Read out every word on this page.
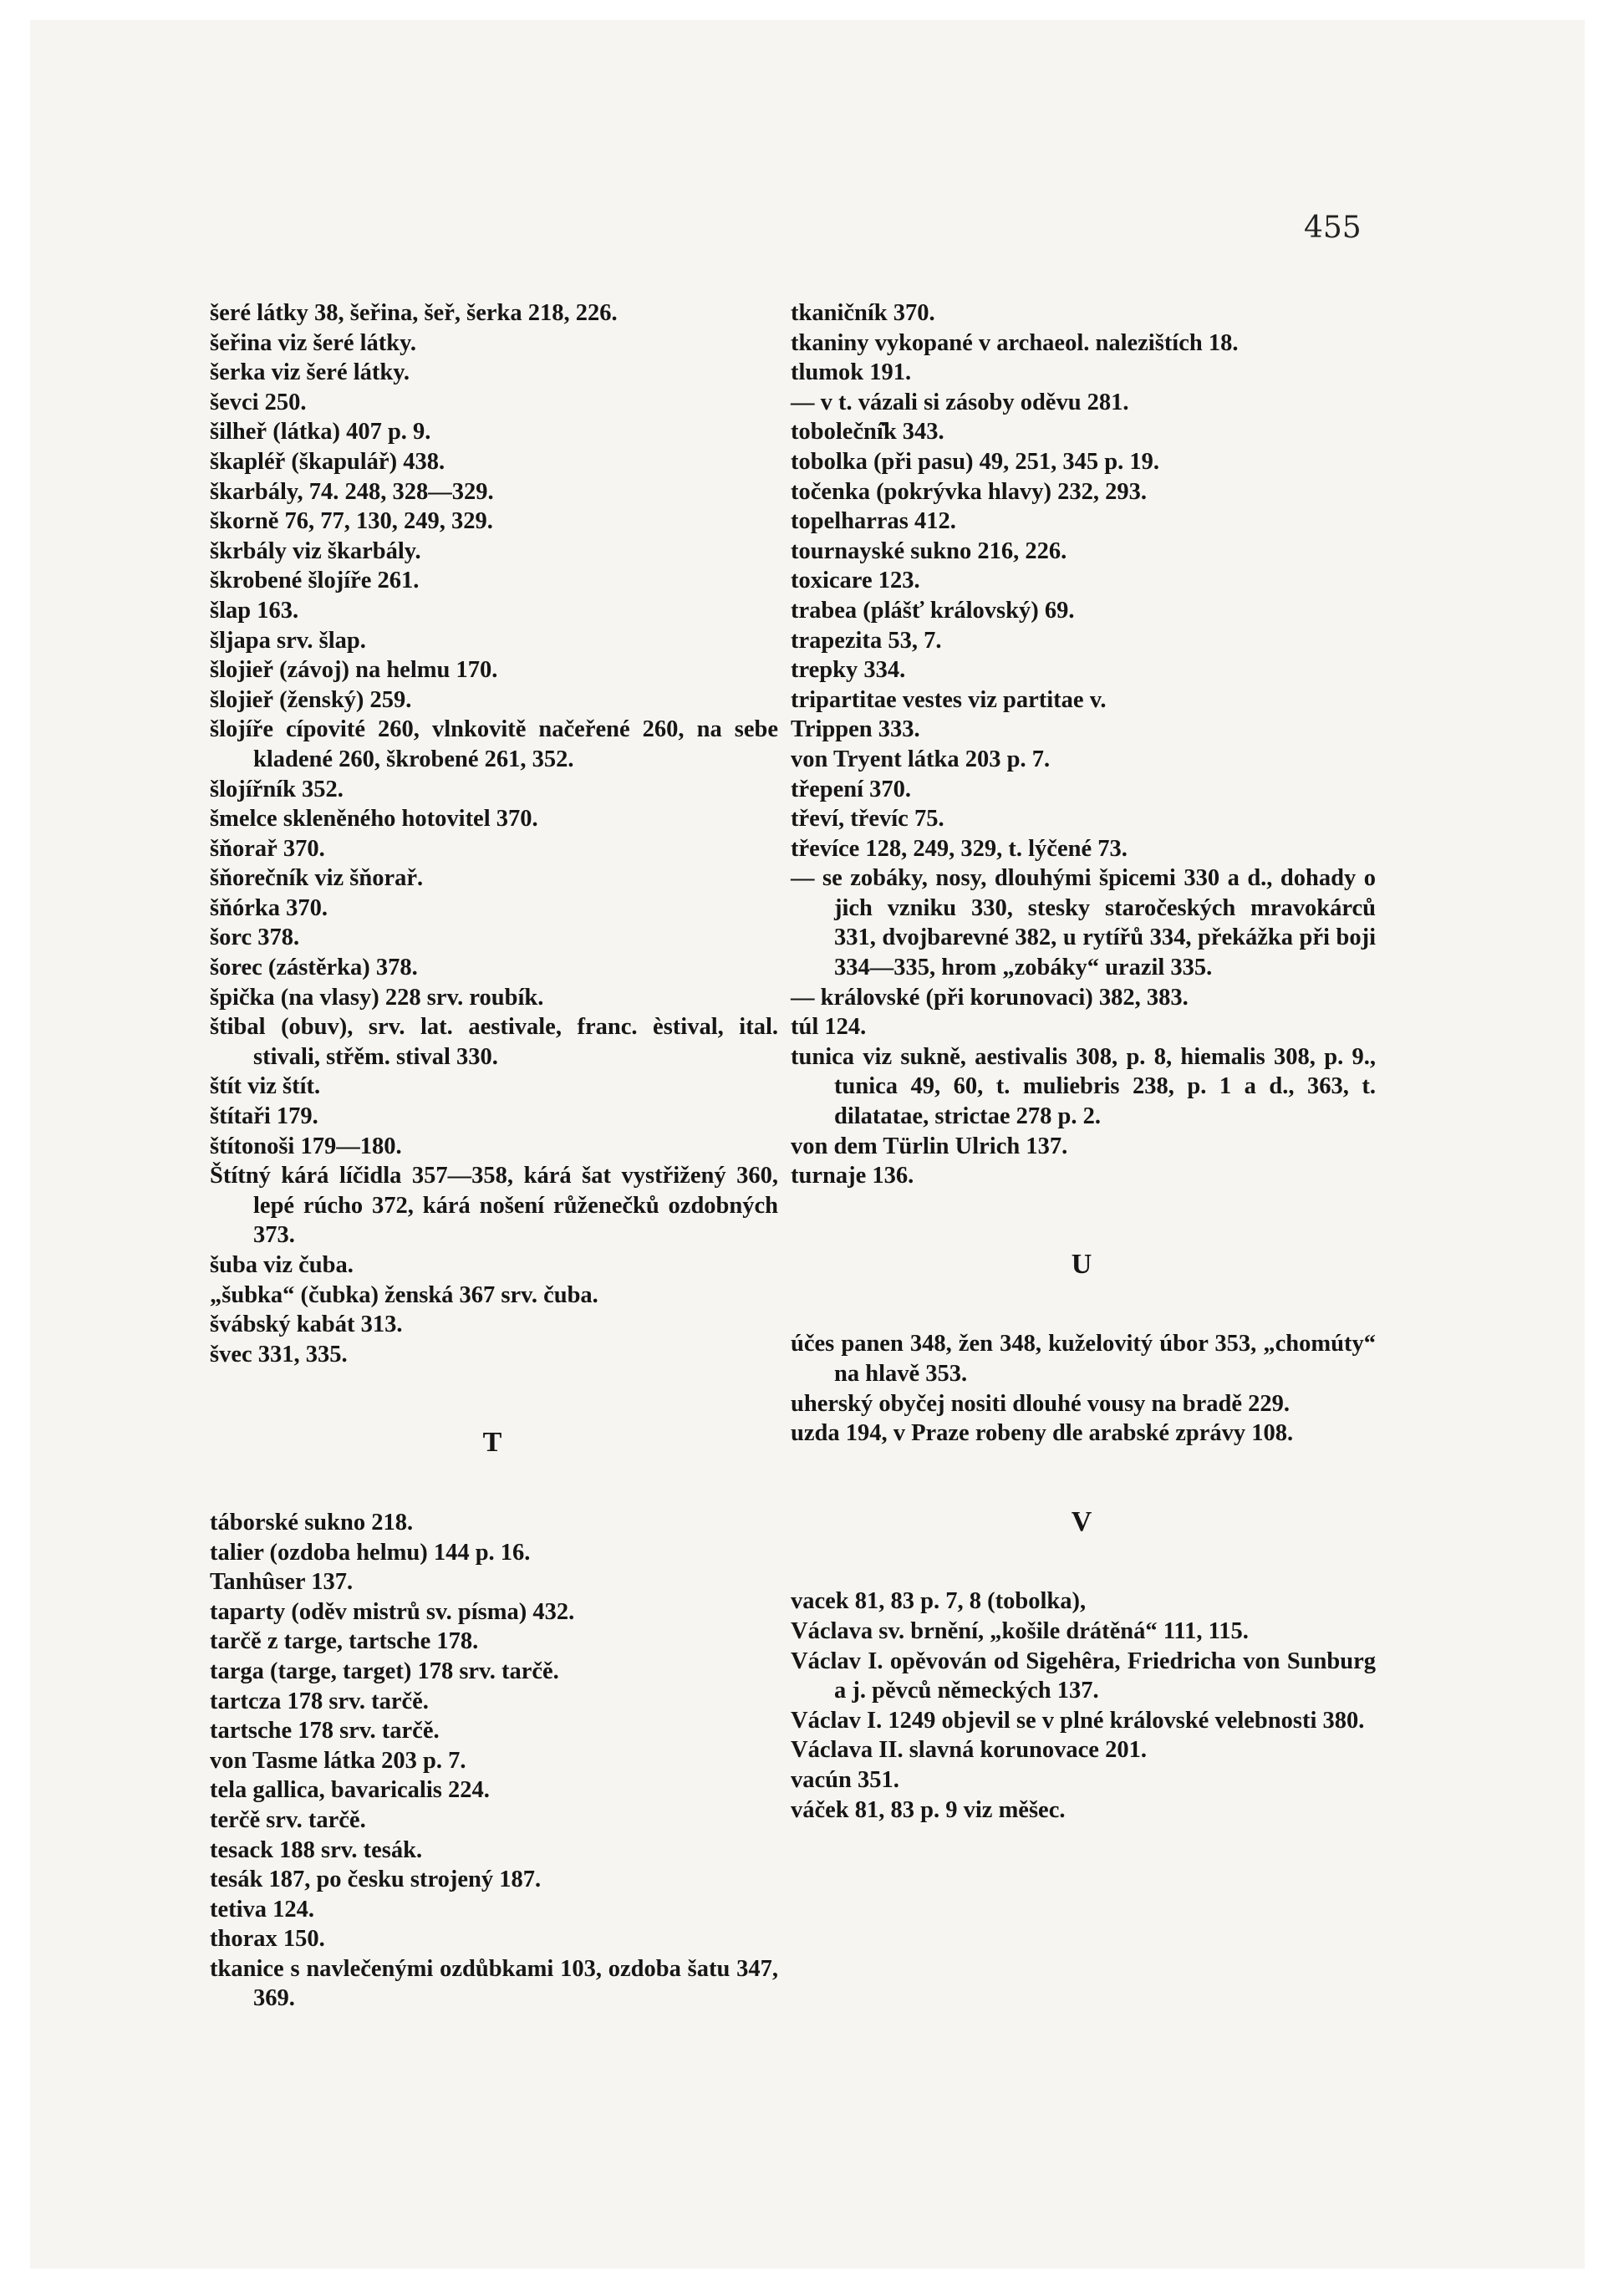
455
šeré látky 38, šeřina, šeř, šerka 218, 226.
šeřina viz šeré látky.
šerka viz šeré látky.
ševci 250.
šilheř (látka) 407 p. 9.
škapléř (škapulář) 438.
škarbály, 74. 248, 328—329.
škorně 76, 77, 130, 249, 329.
škrbály viz škarbály.
škrobené šlojíře 261.
šlap 163.
šljapa srv. šlap.
šlojieř (závoj) na helmu 170.
šlojieř (ženský) 259.
šlojíře cípovité 260, vlnkovitě načeřené 260, na sebe kladené 260, škrobené 261, 352.
šlojířník 352.
šmelce skleněného hotovitel 370.
šňorař 370.
šňorečník viz šňorař.
šňórka 370.
šorc 378.
šorec (zástěrka) 378.
špička (na vlasy) 228 srv. roubík.
štibal (obuv), srv. lat. aestivale, franc. èstival, ital. stivali, střěm. stival 330.
štít viz štít.
štítaři 179.
štítonoši 179—180.
Štítný kárá líčidla 357—358, kárá šat vystřižený 360, lepé rúcho 372, kárá nošení růženečků ozdobných 373.
šuba viz čuba.
„šubka“ (čubka) ženská 367 srv. čuba.
švábský kabát 313.
švec 331, 335.
T
táborské sukno 218.
talier (ozdoba helmu) 144 p. 16.
Tanhûser 137.
taparty (oděv mistrů sv. písma) 432.
tarčě z targe, tartsche 178.
targa (targe, target) 178 srv. tarčě.
tartcza 178 srv. tarčě.
tartsche 178 srv. tarčě.
von Tasme látka 203 p. 7.
tela gallica, bavaricalis 224.
terčě srv. tarčě.
tesack 188 srv. tesák.
tesák 187, po česku strojený 187.
tetiva 124.
thorax 150.
tkanice s navlečenými ozdůbkami 103, ozdoba šatu 347, 369.
tkaničník 370.
tkaniny vykopané v archaeol. nalezištích 18.
tlumok 191.
— v t. vázali si zásoby oděvu 281.
toboleční̇k 343.
tobolka (při pasu) 49, 251, 345 p. 19.
točenka (pokrývka hlavy) 232, 293.
topelharras 412.
tournayské sukno 216, 226.
toxicare 123.
trabea (plášť královský) 69.
trapezita 53, 7.
trepky 334.
tripartitae vestes viz partitae v.
Trippen 333.
von Tryent látka 203 p. 7.
třepení 370.
třeví, třevíc 75.
třevíce 128, 249, 329, t. lýčené 73.
— se zobáky, nosy, dlouhými špicemi 330 a d., dohady o jich vzniku 330, stesky staročeských mravokárců 331, dvojbarevné 382, u rytířů 334, překážka při boji 334—335, hrom „zobáky“ urazil 335.
— královské (při korunovaci) 382, 383.
túl 124.
tunica viz sukně, aestivalis 308, p. 8, hiemalis 308, p. 9., tunica 49, 60, t. muliebris 238, p. 1 a d., 363, t. dilatatae, strictae 278 p. 2.
von dem Türlin Ulrich 137.
turnaje 136.
U
účes panen 348, žen 348, kuželovitý úbor 353, „chomúty“ na hlavě 353.
uherský obyčej nositi dlouhé vousy na bradě 229.
uzda 194, v Praze robeny dle arabské zprávy 108.
V
vacek 81, 83 p. 7, 8 (tobolka),
Václava sv. brnění, „košile drátěná“ 111, 115.
Václav I. opěvován od Sigehêra, Friedricha von Sunburg a j. pěvců německých 137.
Václav I. 1249 objevil se v plné královské velebnosti 380.
Václava II. slavná korunovace 201.
vacún 351.
váček 81, 83 p. 9 viz měšec.
